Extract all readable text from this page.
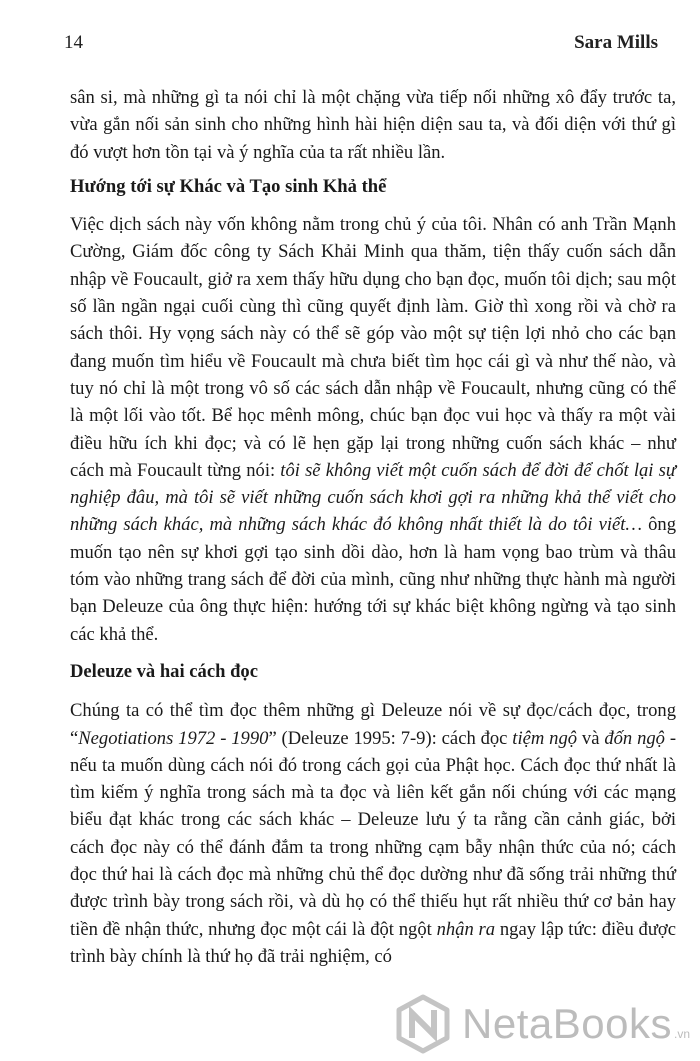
14	Sara Mills

sân si, mà những gì ta nói chỉ là một chặng vừa tiếp nối những xô đẩy trước ta, vừa gắn nối sản sinh cho những hình hài hiện diện sau ta, và đối diện với thứ gì đó vượt hơn tồn tại và ý nghĩa của ta rất nhiều lần.

Hướng tới sự Khác và Tạo sinh Khả thể

Việc dịch sách này vốn không nằm trong chủ ý của tôi. Nhân có anh Trần Mạnh Cường, Giám đốc công ty Sách Khải Minh qua thăm, tiện thấy cuốn sách dẫn nhập về Foucault, giở ra xem thấy hữu dụng cho bạn đọc, muốn tôi dịch; sau một số lần ngần ngại cuối cùng thì cũng quyết định làm. Giờ thì xong rồi và chờ ra sách thôi. Hy vọng sách này có thể sẽ góp vào một sự tiện lợi nhỏ cho các bạn đang muốn tìm hiểu về Foucault mà chưa biết tìm học cái gì và như thế nào, và tuy nó chỉ là một trong vô số các sách dẫn nhập về Foucault, nhưng cũng có thể là một lối vào tốt. Bể học mênh mông, chúc bạn đọc vui học và thấy ra một vài điều hữu ích khi đọc; và có lẽ hẹn gặp lại trong những cuốn sách khác – như cách mà Foucault từng nói: tôi sẽ không viết một cuốn sách để đời để chốt lại sự nghiệp đâu, mà tôi sẽ viết những cuốn sách khơi gợi ra những khả thể viết cho những sách khác, mà những sách khác đó không nhất thiết là do tôi viết… ông muốn tạo nên sự khơi gợi tạo sinh dồi dào, hơn là ham vọng bao trùm và thâu tóm vào những trang sách để đời của mình, cũng như những thực hành mà người bạn Deleuze của ông thực hiện: hướng tới sự khác biệt không ngừng và tạo sinh các khả thể.

Deleuze và hai cách đọc

Chúng ta có thể tìm đọc thêm những gì Deleuze nói về sự đọc/cách đọc, trong “Negotiations 1972 - 1990” (Deleuze 1995: 7-9): cách đọc tiệm ngộ và đốn ngộ - nếu ta muốn dùng cách nói đó trong cách gọi của Phật học. Cách đọc thứ nhất là tìm kiếm ý nghĩa trong sách mà ta đọc và liên kết gắn nối chúng với các mạng biểu đạt khác trong các sách khác – Deleuze lưu ý ta rằng cần cảnh giác, bởi cách đọc này có thể đánh đắm ta trong những cạm bẫy nhận thức của nó; cách đọc thứ hai là cách đọc mà những chủ thể đọc dường như đã sống trải những thứ được trình bày trong sách rồi, và dù họ có thể thiếu hụt rất nhiều thứ cơ bản hay tiền đề nhận thức, nhưng đọc một cái là đột ngột nhận ra ngay lập tức: điều được trình bày chính là thứ họ đã trải nghiệm, có

NetaBooks .vn
